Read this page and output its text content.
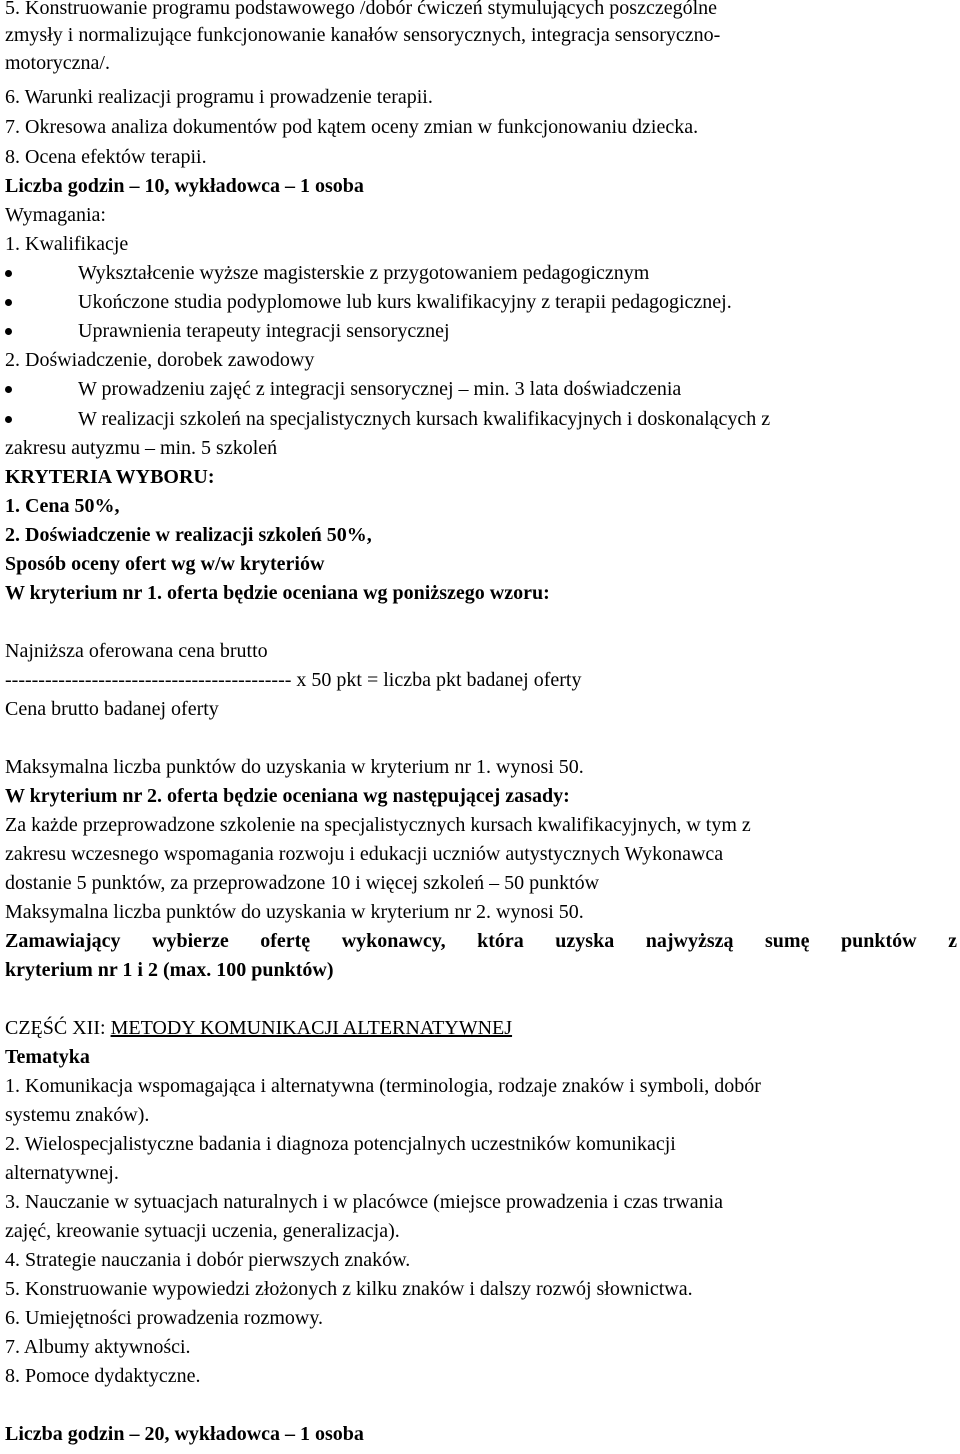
5. Konstruowanie programu podstawowego /dobór ćwiczeń stymulujących poszczególne
zmysły i normalizujące funkcjonowanie kanałów sensorycznych, integracja sensoryczno-
motoryczna/.
6. Warunki realizacji programu i prowadzenie terapii.
7. Okresowa analiza dokumentów pod kątem oceny zmian w funkcjonowaniu dziecka.
8. Ocena efektów terapii.
Liczba godzin – 10, wykładowca – 1 osoba
Wymagania:
1. Kwalifikacje
Wykształcenie wyższe magisterskie z przygotowaniem pedagogicznym
Ukończone studia podyplomowe lub kurs kwalifikacyjny z terapii pedagogicznej.
Uprawnienia terapeuty integracji sensorycznej
2. Doświadczenie, dorobek zawodowy
W prowadzeniu zajęć z integracji sensorycznej – min. 3 lata doświadczenia
W realizacji szkoleń na specjalistycznych kursach kwalifikacyjnych i doskonalących z
zakresu autyzmu – min. 5 szkoleń
KRYTERIA WYBORU:
1. Cena 50%,
2. Doświadczenie w realizacji szkoleń 50%,
Sposób oceny ofert wg w/w kryteriów
W kryterium nr 1. oferta będzie oceniana wg poniższego wzoru:
Najniższa oferowana cena brutto
------------------------------------------- x 50 pkt = liczba pkt badanej oferty
Cena brutto badanej oferty
Maksymalna liczba punktów do uzyskania w kryterium nr 1. wynosi 50.
W kryterium nr 2. oferta będzie oceniana wg następującej zasady:
Za każde przeprowadzone szkolenie na specjalistycznych kursach kwalifikacyjnych, w tym z
zakresu wczesnego wspomagania rozwoju i edukacji uczniów autystycznych Wykonawca
dostanie 5 punktów, za przeprowadzone 10 i więcej szkoleń – 50 punktów
Maksymalna liczba punktów do uzyskania w kryterium nr 2. wynosi 50.
Zamawiający wybierze ofertę wykonawcy, która uzyska najwyższą sumę punktów z
kryterium nr 1 i 2 (max. 100 punktów)
CZĘŚĆ XII: METODY KOMUNIKACJI ALTERNATYWNEJ
Tematyka
1. Komunikacja wspomagająca i alternatywna (terminologia, rodzaje znaków i symboli, dobór
systemu znaków).
2. Wielospecjalistyczne badania i diagnoza potencjalnych uczestników komunikacji
alternatywnej.
3. Nauczanie w sytuacjach naturalnych i w placówce (miejsce prowadzenia i czas trwania
zajęć, kreowanie sytuacji uczenia, generalizacja).
4. Strategie nauczania i dobór pierwszych znaków.
5. Konstruowanie wypowiedzi złożonych z kilku znaków i dalszy rozwój słownictwa.
6. Umiejętności prowadzenia rozmowy.
7. Albumy aktywności.
8. Pomoce dydaktyczne.
Liczba godzin – 20, wykładowca – 1 osoba
